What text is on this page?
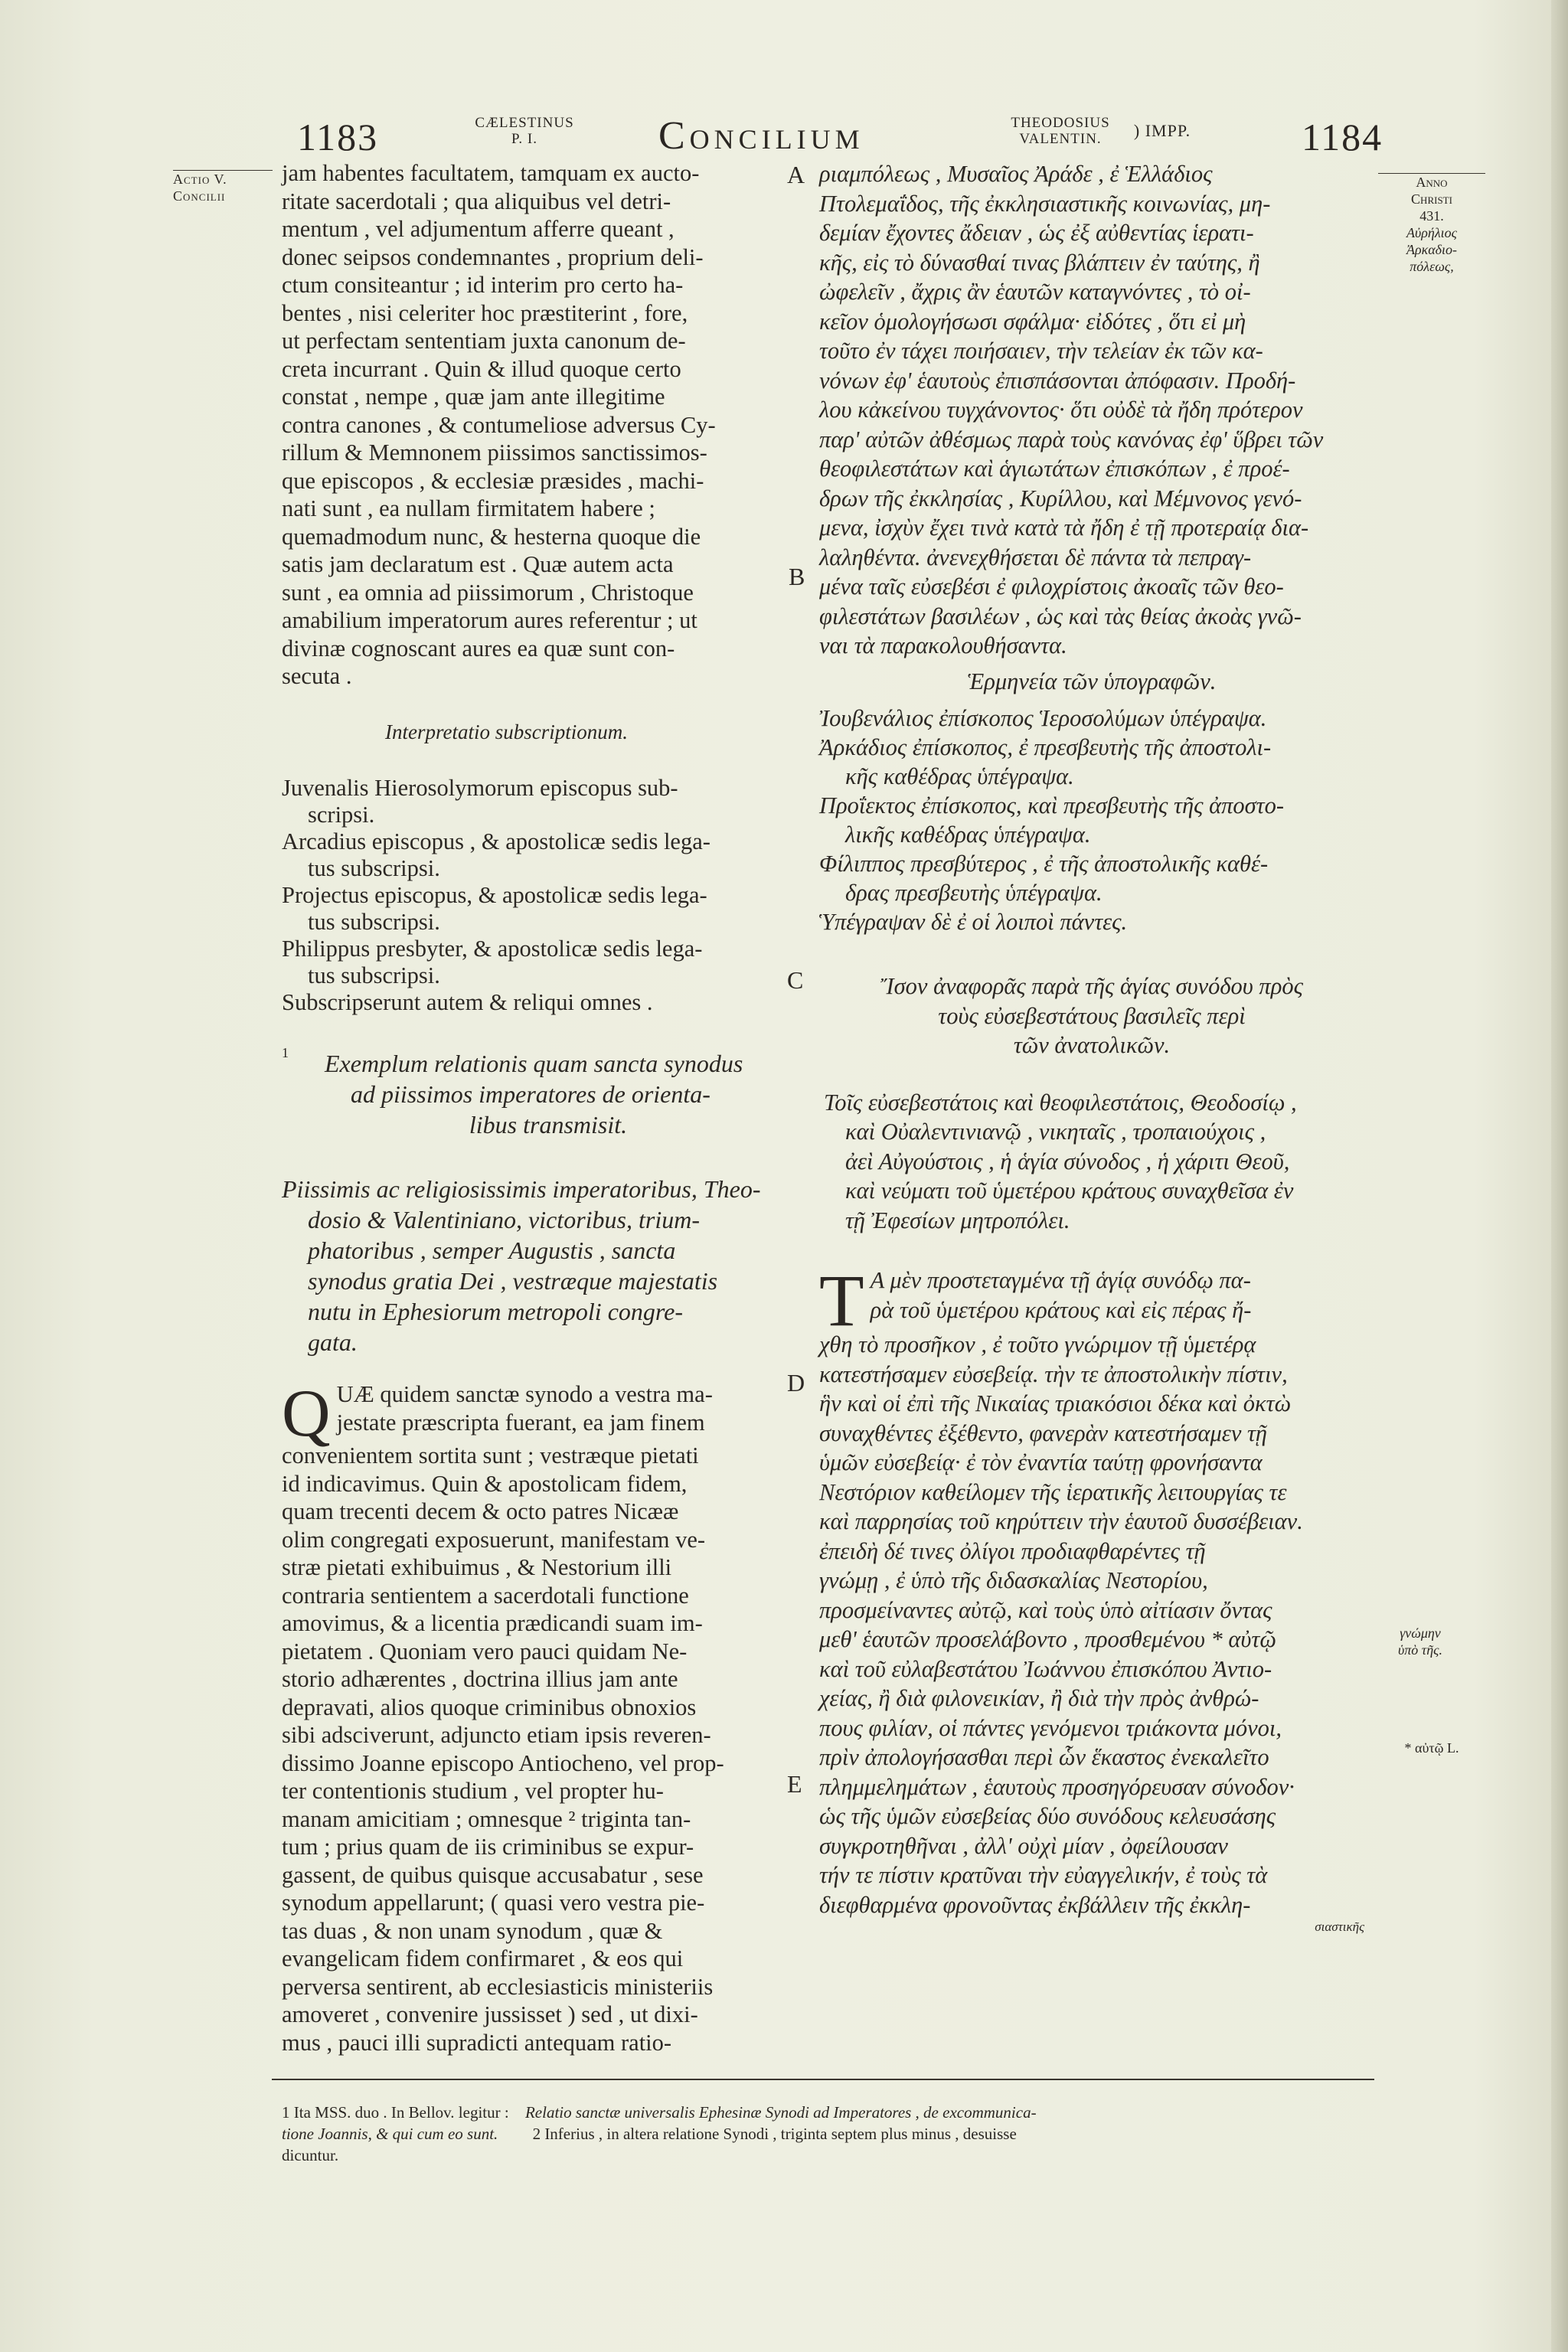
1183	CÆLESTINUS
P. I.	Concilium	THEODOSIUS
VALENTIN.	) IMPP.	1184
Actio V.
Concilii
Anno
Christi
431.
Αὐρήλιος
Ἀρκαδιο-
πόλεως,
γνώμην
ὑπὸ τῆς.
* αὐτῷ L.
A
B
C
D
E

jam habentes facultatem, tamquam ex aucto-

ritate sacerdotali ; qua aliquibus vel detri-

mentum , vel adjumentum afferre queant ,

donec seipsos condemnantes , proprium deli-

ctum consiteantur ; id interim pro certo ha-

bentes , nisi celeriter hoc præstiterint , fore,

ut perfectam sententiam juxta canonum de-

creta incurrant . Quin & illud quoque certo

constat , nempe , quæ jam ante illegitime

contra canones , & contumeliose adversus Cy-

rillum & Memnonem piissimos sanctissimos-

que episcopos , & ecclesiæ præsides , machi-

nati sunt , ea nullam firmitatem habere ;

quemadmodum nunc, & hesterna quoque die

satis jam declaratum est . Quæ autem acta

sunt , ea omnia ad piissimorum , Christoque

amabilium imperatorum aures referentur ; ut

divinæ cognoscant aures ea quæ sunt con-

secuta .

Interpretatio subscriptionum.

Juvenalis Hierosolymorum episcopus sub-
scripsi.

Arcadius episcopus , & apostolicæ sedis lega-
tus subscripsi.

Projectus episcopus, & apostolicæ sedis lega-
tus subscripsi.

Philippus presbyter, & apostolicæ sedis lega-
tus subscripsi.

Subscripserunt autem & reliqui omnes .

1 Exemplum relationis quam sancta synodus

ad piissimos imperatores de orienta-

libus transmisit.

Piissimis ac religiosissimis imperatoribus, Theo-

dosio & Valentiniano, victoribus, trium-

phatoribus , semper Augustis , sancta

synodus gratia Dei , vestræque majestatis

nutu in Ephesiorum metropoli congre-

gata.

Q UÆ quidem sanctæ synodo a vestra ma-

jestate præscripta fuerant, ea jam finem

convenientem sortita sunt ; vestræque pietati

id indicavimus. Quin & apostolicam fidem,

quam trecenti decem & octo patres Nicææ

olim congregati exposuerunt, manifestam ve-

stræ pietati exhibuimus , & Nestorium illi

contraria sentientem a sacerdotali functione

amovimus, & a licentia prædicandi suam im-

pietatem . Quoniam vero pauci quidam Ne-

storio adhærentes , doctrina illius jam ante

depravati, alios quoque criminibus obnoxios

sibi adsciverunt, adjuncto etiam ipsis reveren-

dissimo Joanne episcopo Antiocheno, vel prop-

ter contentionis studium , vel propter hu-

manam amicitiam ; omnesque ² triginta tan-

tum ; prius quam de iis criminibus se expur-

gassent, de quibus quisque accusabatur , sese

synodum appellarunt; ( quasi vero vestra pie-

tas duas , & non unam synodum , quæ &

evangelicam fidem confirmaret , & eos qui

perversa sentirent, ab ecclesiasticis ministeriis

amoveret , convenire jussisset ) sed , ut dixi-

mus , pauci illi supradicti antequam ratio-

ριαμπόλεως , Μυσαῖος Ἀράδε , ἐ Ἑλλάδιος

Πτολεμαΐδος, τῆς ἐκκλησιαστικῆς κοινωνίας, μη-

δεμίαν ἔχοντες ἄδειαν , ὡς ἐξ αὐθεντίας ἱερατι-

κῆς, εἰς τὸ δύνασθαί τινας βλάπτειν ἐν ταύτης, ἢ

ὠφελεῖν , ἄχρις ἂν ἑαυτῶν καταγνόντες , τὸ οἰ-

κεῖον ὁμολογήσωσι σφάλμα· εἰδότες , ὅτι εἰ μὴ

τοῦτο ἐν τάχει ποιήσαιεν, τὴν τελείαν ἐκ τῶν κα-

νόνων ἐφ' ἑαυτοὺς ἐπισπάσονται ἀπόφασιν. Προδή-

λου κἀκείνου τυγχάνοντος· ὅτι οὐδὲ τὰ ἤδη πρότερον

παρ' αὐτῶν ἀθέσμως παρὰ τοὺς κανόνας ἐφ' ὕβρει τῶν

θεοφιλεστάτων καὶ ἁγιωτάτων ἐπισκόπων , ἐ προέ-

δρων τῆς ἐκκλησίας , Κυρίλλου, καὶ Μέμνονος γενό-

μενα, ἰσχὺν ἔχει τινὰ κατὰ τὰ ἤδη ἐ τῇ προτεραίᾳ δια-

λαληθέντα. ἀνενεχθήσεται δὲ πάντα τὰ πεπραγ-

μένα ταῖς εὐσεβέσι ἐ φιλοχρίστοις ἀκοαῖς τῶν θεο-

φιλεστάτων βασιλέων , ὡς καὶ τὰς θείας ἀκοὰς γνῶ-

ναι τὰ παρακολουθήσαντα.

Ἑρμηνεία τῶν ὑπογραφῶν.

Ἰουβενάλιος ἐπίσκοπος Ἱεροσολύμων ὑπέγραψα.

Ἀρκάδιος ἐπίσκοπος, ἐ πρεσβευτὴς τῆς ἀποστολι-
κῆς καθέδρας ὑπέγραψα.

Προΐεκτος ἐπίσκοπος, καὶ πρεσβευτὴς τῆς ἀποστο-
λικῆς καθέδρας ὑπέγραψα.

Φίλιππος πρεσβύτερος , ἐ τῆς ἀποστολικῆς καθέ-
δρας πρεσβευτὴς ὑπέγραψα.

Ὑπέγραψαν δὲ ἐ οἱ λοιποὶ πάντες.

Ἴσον ἀναφορᾶς παρὰ τῆς ἁγίας συνόδου πρὸς

τοὺς εὐσεβεστάτους βασιλεῖς περὶ

τῶν ἀνατολικῶν.

Τοῖς εὐσεβεστάτοις καὶ θεοφιλεστάτοις, Θεοδοσίῳ ,

καὶ Οὐαλεντινιανῷ , νικηταῖς , τροπαιούχοις ,

ἀεὶ Αὐγούστοις , ἡ ἁγία σύνοδος , ἡ χάριτι Θεοῦ,

καὶ νεύματι τοῦ ὑμετέρου κράτους συναχθεῖσα ἐν

τῇ Ἐφεσίων μητροπόλει.

T Α μὲν προστεταγμένα τῇ ἁγίᾳ συνόδῳ πα-

ρὰ τοῦ ὑμετέρου κράτους καὶ εἰς πέρας ἤ-

χθη τὸ προσῆκον , ἐ τοῦτο γνώριμον τῇ ὑμετέρᾳ

κατεστήσαμεν εὐσεβείᾳ. τὴν τε ἀποστολικὴν πίστιν,

ἣν καὶ οἱ ἐπὶ τῆς Νικαίας τριακόσιοι δέκα καὶ ὀκτὼ

συναχθέντες ἐξέθεντο, φανερὰν κατεστήσαμεν τῇ

ὑμῶν εὐσεβείᾳ· ἐ τὸν ἐναντία ταύτῃ φρονήσαντα

Νεστόριον καθείλομεν τῆς ἱερατικῆς λειτουργίας τε

καὶ παρρησίας τοῦ κηρύττειν τὴν ἑαυτοῦ δυσσέβειαν.

ἐπειδὴ δέ τινες ὀλίγοι προδιαφθαρέντες τῇ

γνώμῃ , ἐ ὑπὸ τῆς διδασκαλίας Νεστορίου,

προσμείναντες αὐτῷ, καὶ τοὺς ὑπὸ αἰτίασιν ὄντας

μεθ' ἑαυτῶν προσελάβοντο , προσθεμένου * αὐτῷ

καὶ τοῦ εὐλαβεστάτου Ἰωάννου ἐπισκόπου Ἀντιο-

χείας, ἢ διὰ φιλονεικίαν, ἢ διὰ τὴν πρὸς ἀνθρώ-

πους φιλίαν, οἱ πάντες γενόμενοι τριάκοντα μόνοι,

πρὶν ἀπολογήσασθαι περὶ ὧν ἕκαστος ἐνεκαλεῖτο

πλημμελημάτων , ἑαυτοὺς προσηγόρευσαν σύνοδον·

ὡς τῆς ὑμῶν εὐσεβείας δύο συνόδους κελευσάσης

συγκροτηθῆναι , ἀλλ' οὐχὶ μίαν , ὀφείλουσαν

τήν τε πίστιν κρατῦναι τὴν εὐαγγελικήν, ἐ τοὺς τὰ

διεφθαρμένα φρονοῦντας ἐκβάλλειν τῆς ἐκκλη-

σιαστικῆς

1 Ita MSS. duo . In Bellov. legitur : Relatio sanctæ universalis Ephesinæ Synodi ad Imperatores , de excommunica-
tione Joannis, & qui cum eo sunt. 2 Inferius , in altera relatione Synodi , triginta septem plus minus , desuisse
dicuntur.
